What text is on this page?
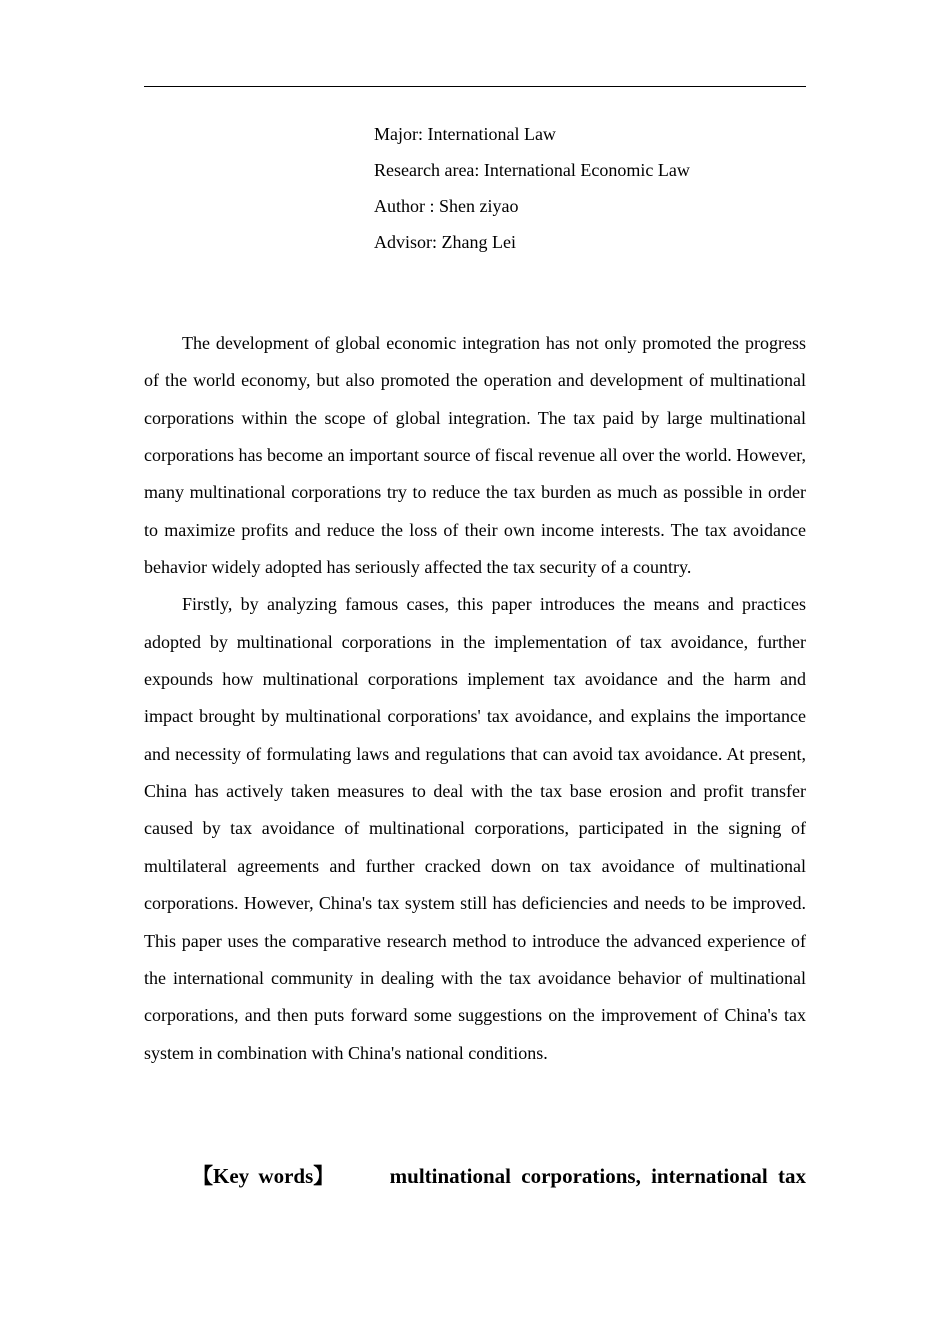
Major: International Law
Research area: International Economic Law
Author : Shen ziyao
Advisor: Zhang Lei

The development of global economic integration has not only promoted the progress of the world economy, but also promoted the operation and development of multinational corporations within the scope of global integration. The tax paid by large multinational corporations has become an important source of fiscal revenue all over the world. However, many multinational corporations try to reduce the tax burden as much as possible in order to maximize profits and reduce the loss of their own income interests. The tax avoidance behavior widely adopted has seriously affected the tax security of a country.

Firstly, by analyzing famous cases, this paper introduces the means and practices adopted by multinational corporations in the implementation of tax avoidance, further expounds how multinational corporations implement tax avoidance and the harm and impact brought by multinational corporations' tax avoidance, and explains the importance and necessity of formulating laws and regulations that can avoid tax avoidance. At present, China has actively taken measures to deal with the tax base erosion and profit transfer caused by tax avoidance of multinational corporations, participated in the signing of multilateral agreements and further cracked down on tax avoidance of multinational corporations. However, China's tax system still has deficiencies and needs to be improved. This paper uses the comparative research method to introduce the advanced experience of the international community in dealing with the tax avoidance behavior of multinational corporations, and then puts forward some suggestions on the improvement of China's tax system in combination with China's national conditions.

【Key words】	multinational corporations, international tax
